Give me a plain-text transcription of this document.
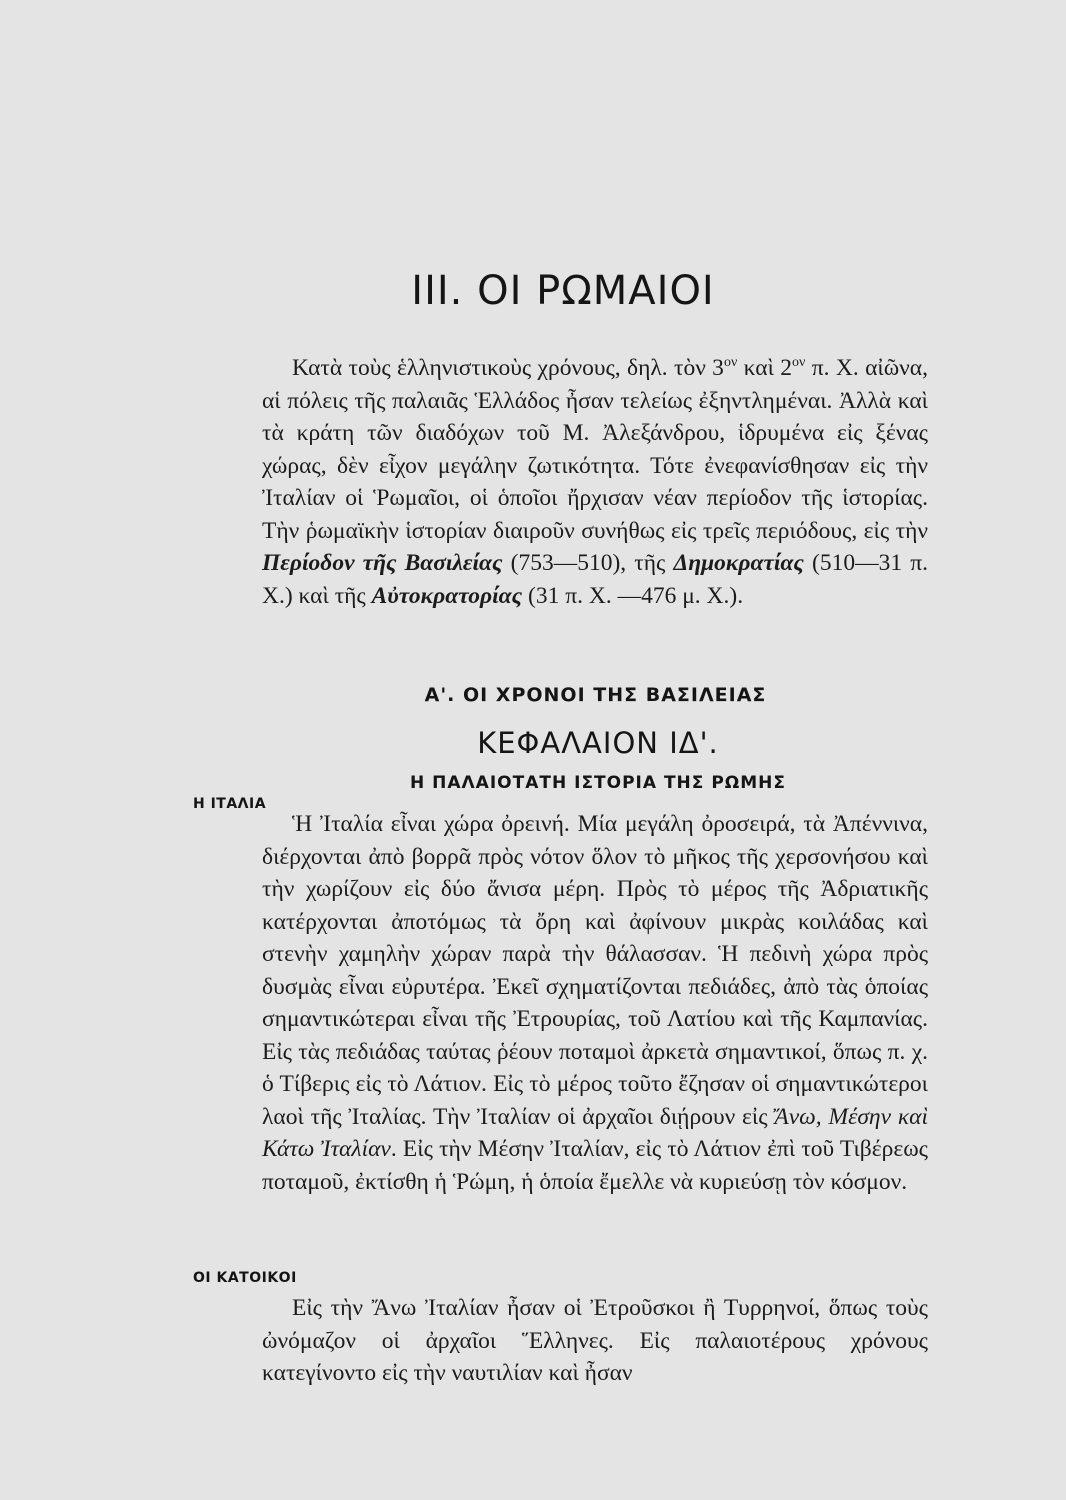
III. ΟΙ ΡΩΜΑΙΟΙ

Κατὰ τοὺς ἑλληνιστικοὺς χρόνους, δηλ. τὸν $3^{o\nu}$ καὶ $2^{o\nu}$ π. Χ. αἰῶνα, αἱ πόλεις τῆς παλαιᾶς Ἑλλάδος ἦσαν τελείως ἐξηντλημέναι. Ἀλλὰ καὶ τὰ κράτη τῶν διαδόχων τοῦ Μ. Ἀλεξάνδρου, ἱδρυμένα εἰς ξένας χώρας, δὲν εἶχον μεγάλην ζωτικότητα. Τότε ἐνεφανίσθησαν εἰς τὴν Ἰταλίαν οἱ Ῥωμαῖοι, οἱ ὁποῖοι ἤρχισαν νέαν περίοδον τῆς ἱστορίας. Τὴν ῥωμαϊκὴν ἱστορίαν διαιροῦν συνήθως εἰς τρεῖς περιόδους, εἰς τὴν Περίοδον τῆς Βασιλείας (753—510), τῆς Δημοκρατίας (510—31 π. Χ.) καὶ τῆς Αὐτοκρατορίας (31 π. Χ. —476 μ. Χ.).

Α'. ΟΙ ΧΡΟΝΟΙ ΤΗΣ ΒΑΣΙΛΕΙΑΣ
ΚΕΦΑΛΑΙΟΝ ΙΔ'.
Η ΠΑΛΑΙΟΤΑΤΗ ΙΣΤΟΡΙΑ ΤΗΣ ΡΩΜΗΣ
Η ΙΤΑΛΙΑ

Ἡ Ἰταλία εἶναι χώρα ὀρεινή. Μία μεγάλη ὀροσειρά, τὰ Ἀπέννινα, διέρχονται ἀπὸ βορρᾶ πρὸς νότον ὅλον τὸ μῆκος τῆς χερσονήσου καὶ τὴν χωρίζουν εἰς δύο ἄνισα μέρη. Πρὸς τὸ μέρος τῆς Ἀδριατικῆς κατέρχονται ἀποτόμως τὰ ὄρη καὶ ἀφίνουν μικρὰς κοιλάδας καὶ στενὴν χαμηλὴν χώραν παρὰ τὴν θάλασσαν. Ἡ πεδινὴ χώρα πρὸς δυσμὰς εἶναι εὐρυτέρα. Ἐκεῖ σχηματίζονται πεδιάδες, ἀπὸ τὰς ὁποίας σημαντικώτεραι εἶναι τῆς Ἐτρουρίας, τοῦ Λατίου καὶ τῆς Καμπανίας. Εἰς τὰς πεδιάδας ταύτας ῥέουν ποταμοὶ ἀρκετὰ σημαντικοί, ὅπως π. χ. ὁ Τίβερις εἰς τὸ Λάτιον. Εἰς τὸ μέρος τοῦτο ἔζησαν οἱ σημαντικώτεροι λαοὶ τῆς Ἰταλίας. Τὴν Ἰταλίαν οἱ ἀρχαῖοι διῄρουν εἰς Ἄνω, Μέσην καὶ Κάτω Ἰταλίαν. Εἰς τὴν Μέσην Ἰταλίαν, εἰς τὸ Λάτιον ἐπὶ τοῦ Τιβέρεως ποταμοῦ, ἐκτίσθη ἡ Ῥώμη, ἡ ὁποία ἔμελλε νὰ κυριεύσῃ τὸν κόσμον.

ΟΙ ΚΑΤΟΙΚΟΙ

Εἰς τὴν Ἄνω Ἰταλίαν ἦσαν οἱ Ἐτροῦσκοι ἢ Τυρρηνοί, ὅπως τοὺς ὠνόμαζον οἱ ἀρχαῖοι Ἕλληνες. Εἰς παλαιοτέρους χρόνους κατεγίνοντο εἰς τὴν ναυτιλίαν καὶ ἦσαν
